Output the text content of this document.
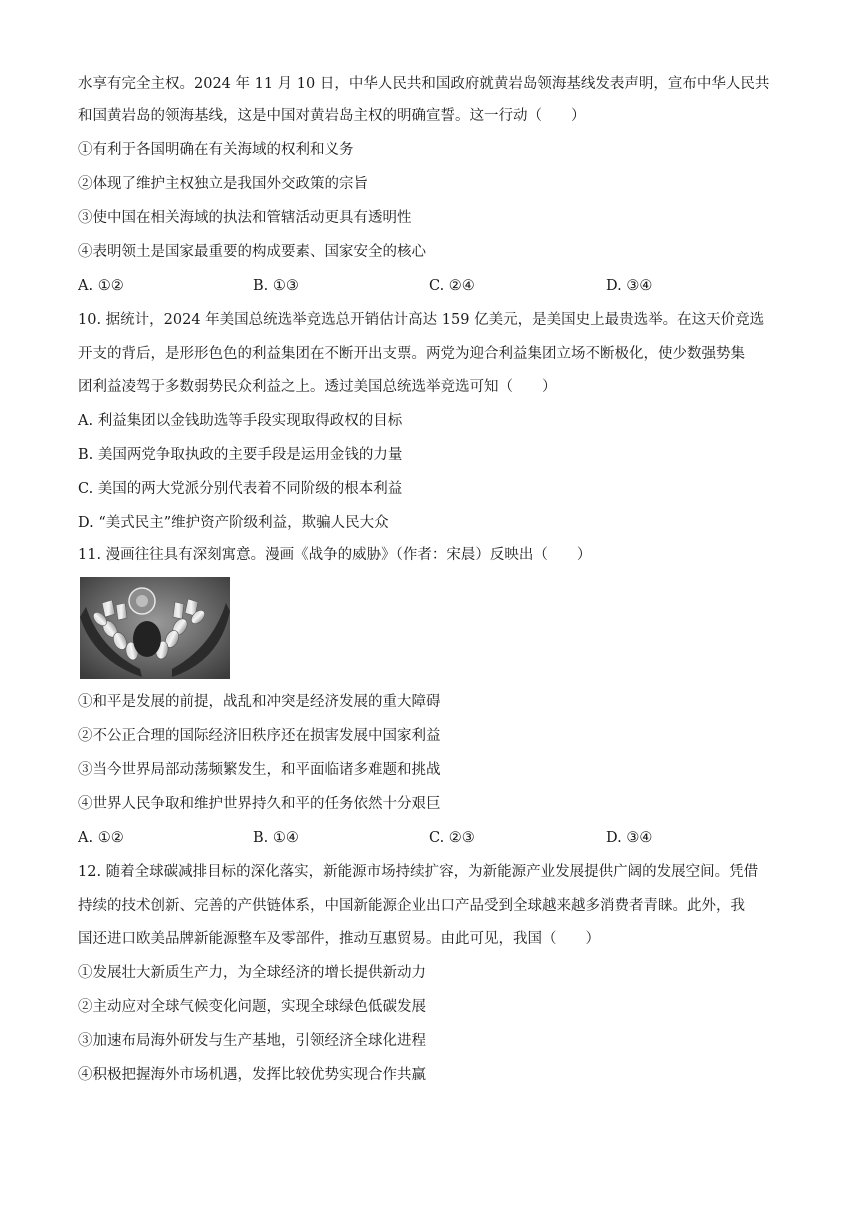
水享有完全主权。2024 年 11 月 10 日，中华人民共和国政府就黄岩岛领海基线发表声明，宣布中华人民共
和国黄岩岛的领海基线，这是中国对黄岩岛主权的明确宣誓。这一行动（　　）
①有利于各国明确在有关海域的权利和义务
②体现了维护主权独立是我国外交政策的宗旨
③使中国在相关海域的执法和管辖活动更具有透明性
④表明领土是国家最重要的构成要素、国家安全的核心
A. ①②	B. ①③	C. ②④	D. ③④
10. 据统计，2024 年美国总统选举竞选总开销估计高达 159 亿美元，是美国史上最贵选举。在这天价竞选
开支的背后，是形形色色的利益集团在不断开出支票。两党为迎合利益集团立场不断极化，使少数强势集
团利益凌驾于多数弱势民众利益之上。透过美国总统选举竞选可知（　　）
A. 利益集团以金钱助选等手段实现取得政权的目标
B. 美国两党争取执政的主要手段是运用金钱的力量
C. 美国的两大党派分别代表着不同阶级的根本利益
D. “美式民主”维护资产阶级利益，欺骗人民大众
11. 漫画往往具有深刻寓意。漫画《战争的威胁》（作者：宋晨）反映出（　　）
①和平是发展的前提，战乱和冲突是经济发展的重大障碍
②不公正合理的国际经济旧秩序还在损害发展中国家利益
③当今世界局部动荡频繁发生，和平面临诸多难题和挑战
④世界人民争取和维护世界持久和平的任务依然十分艰巨
A. ①②	B. ①④	C. ②③	D. ③④
12. 随着全球碳减排目标的深化落实，新能源市场持续扩容，为新能源产业发展提供广阔的发展空间。凭借
持续的技术创新、完善的产供链体系，中国新能源企业出口产品受到全球越来越多消费者青睐。此外，我
国还进口欧美品牌新能源整车及零部件，推动互惠贸易。由此可见，我国（　　）
①发展壮大新质生产力，为全球经济的增长提供新动力
②主动应对全球气候变化问题，实现全球绿色低碳发展
③加速布局海外研发与生产基地，引领经济全球化进程
④积极把握海外市场机遇，发挥比较优势实现合作共赢
